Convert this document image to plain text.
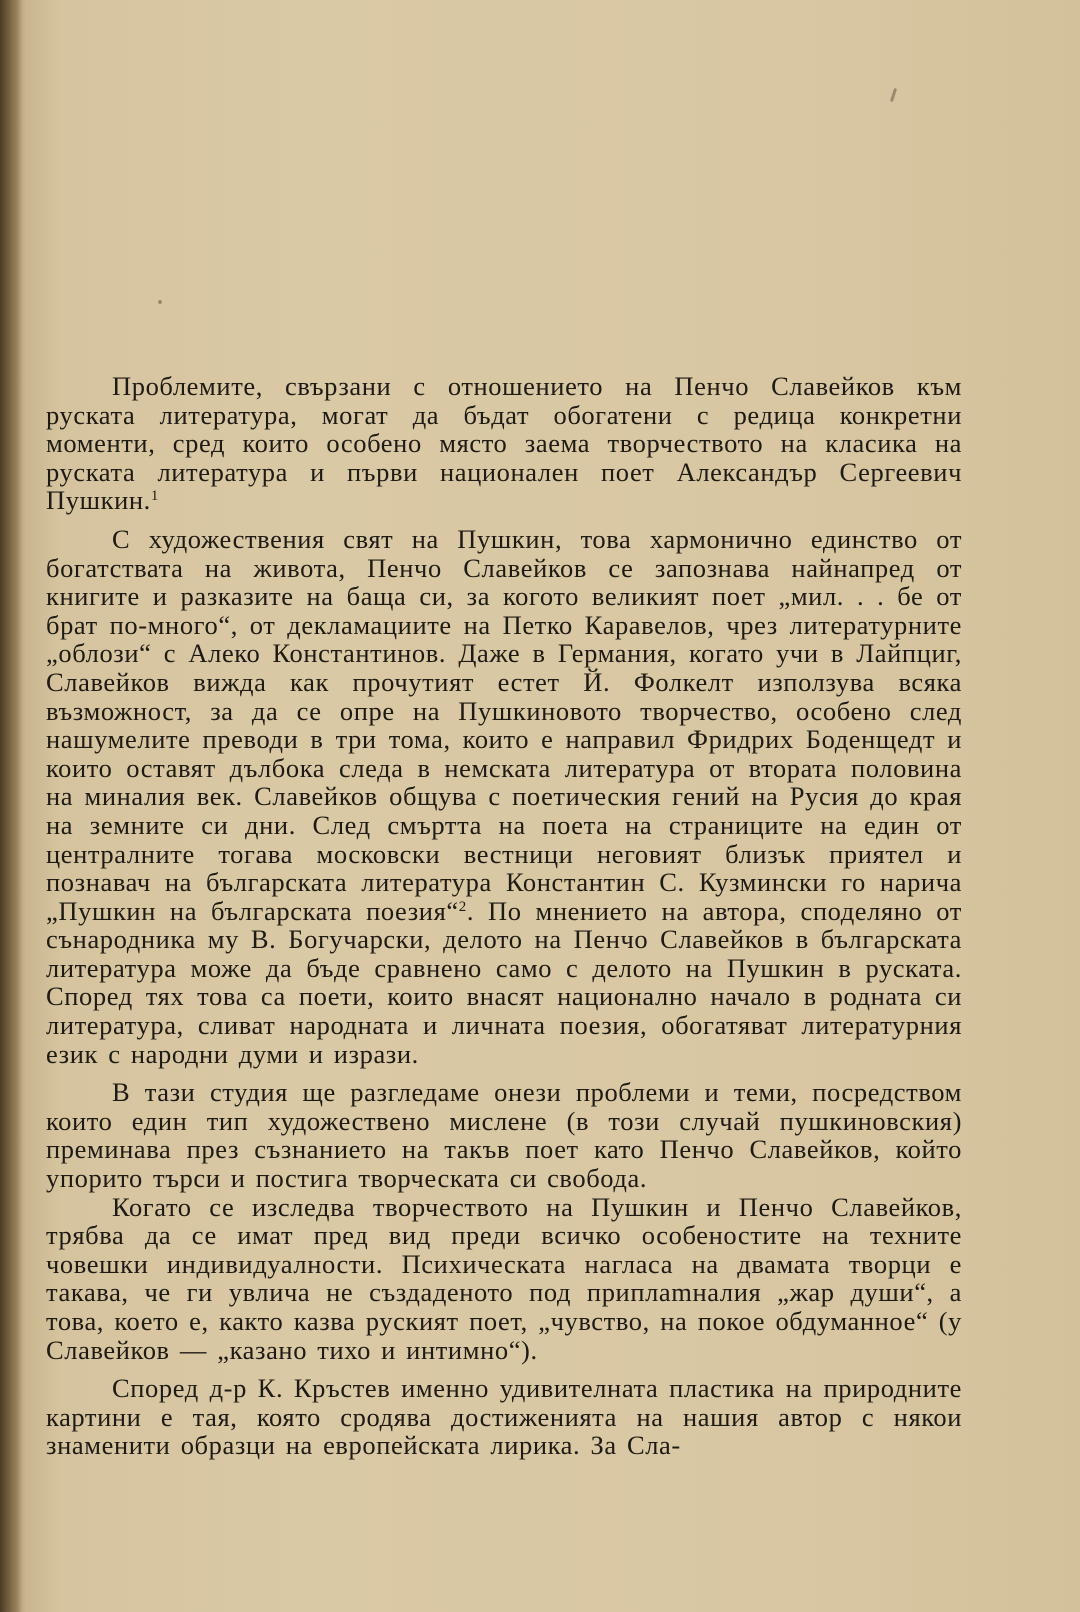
Проблемите, свързани с отношението на Пенчо Славейков към руската литература, могат да бъдат обогатени с редица конкретни моменти, сред които особено място заема творчеството на класика на руската литература и първи национален поет Александър Сергеевич Пушкин.$^1$

С художествения свят на Пушкин, това хармонично единство от богатствата на живота, Пенчо Славейков се запознава найнапред от книгите и разказите на баща си, за когото великият поет „мил. . . бе от брат по-много“, от декламациите на Петко Каравелов, чрез литературните „облози“ с Алеко Константинов. Даже в Германия, когато учи в Лайпциг, Славейков вижда как прочутият естет Й. Фолкелт използува всяка възможност, за да се опре на Пушкиновото творчество, особено след нашумелите преводи в три тома, които е направил Фридрих Боденщедт и които оставят дълбока следа в немската литература от втората половина на миналия век. Славейков общува с поетическия гений на Русия до края на земните си дни. След смъртта на поета на страниците на един от централните тогава московски вестници неговият близък приятел и познавач на българската литература Константин С. Кузмински го нарича „Пушкин на българската поезия“$^2$. По мнението на автора, споделяно от сънародника му В. Богучарски, делото на Пенчо Славейков в българската литература може да бъде сравнено само с делото на Пушкин в руската. Според тях това са поети, които внасят национално начало в родната си литература, сливат народната и личната поезия, обогатяват литературния език с народни думи и изрази.

В тази студия ще разгледаме онези проблеми и теми, посредством които един тип художествено мислене (в този случай пушкиновския) преминава през съзнанието на такъв поет като Пенчо Славейков, който упорито търси и постига творческата си свобода.

Когато се изследва творчеството на Пушкин и Пенчо Славейков, трябва да се имат пред вид преди всичко особеностите на техните човешки индивидуалности. Психическата нагласа на двамата творци е такава, че ги увлича не създаденото под приплamналия „жар души“, а това, което е, както казва руският поет, „чувство, на покое обдуманное“ (у Славейков — „казано тихо и интимно“).

Според д-р К. Кръстев именно удивителната пластика на природните картини е тая, която сродява достиженията на нашия автор с някои знаменити образци на европейската лирика. За Сла-
